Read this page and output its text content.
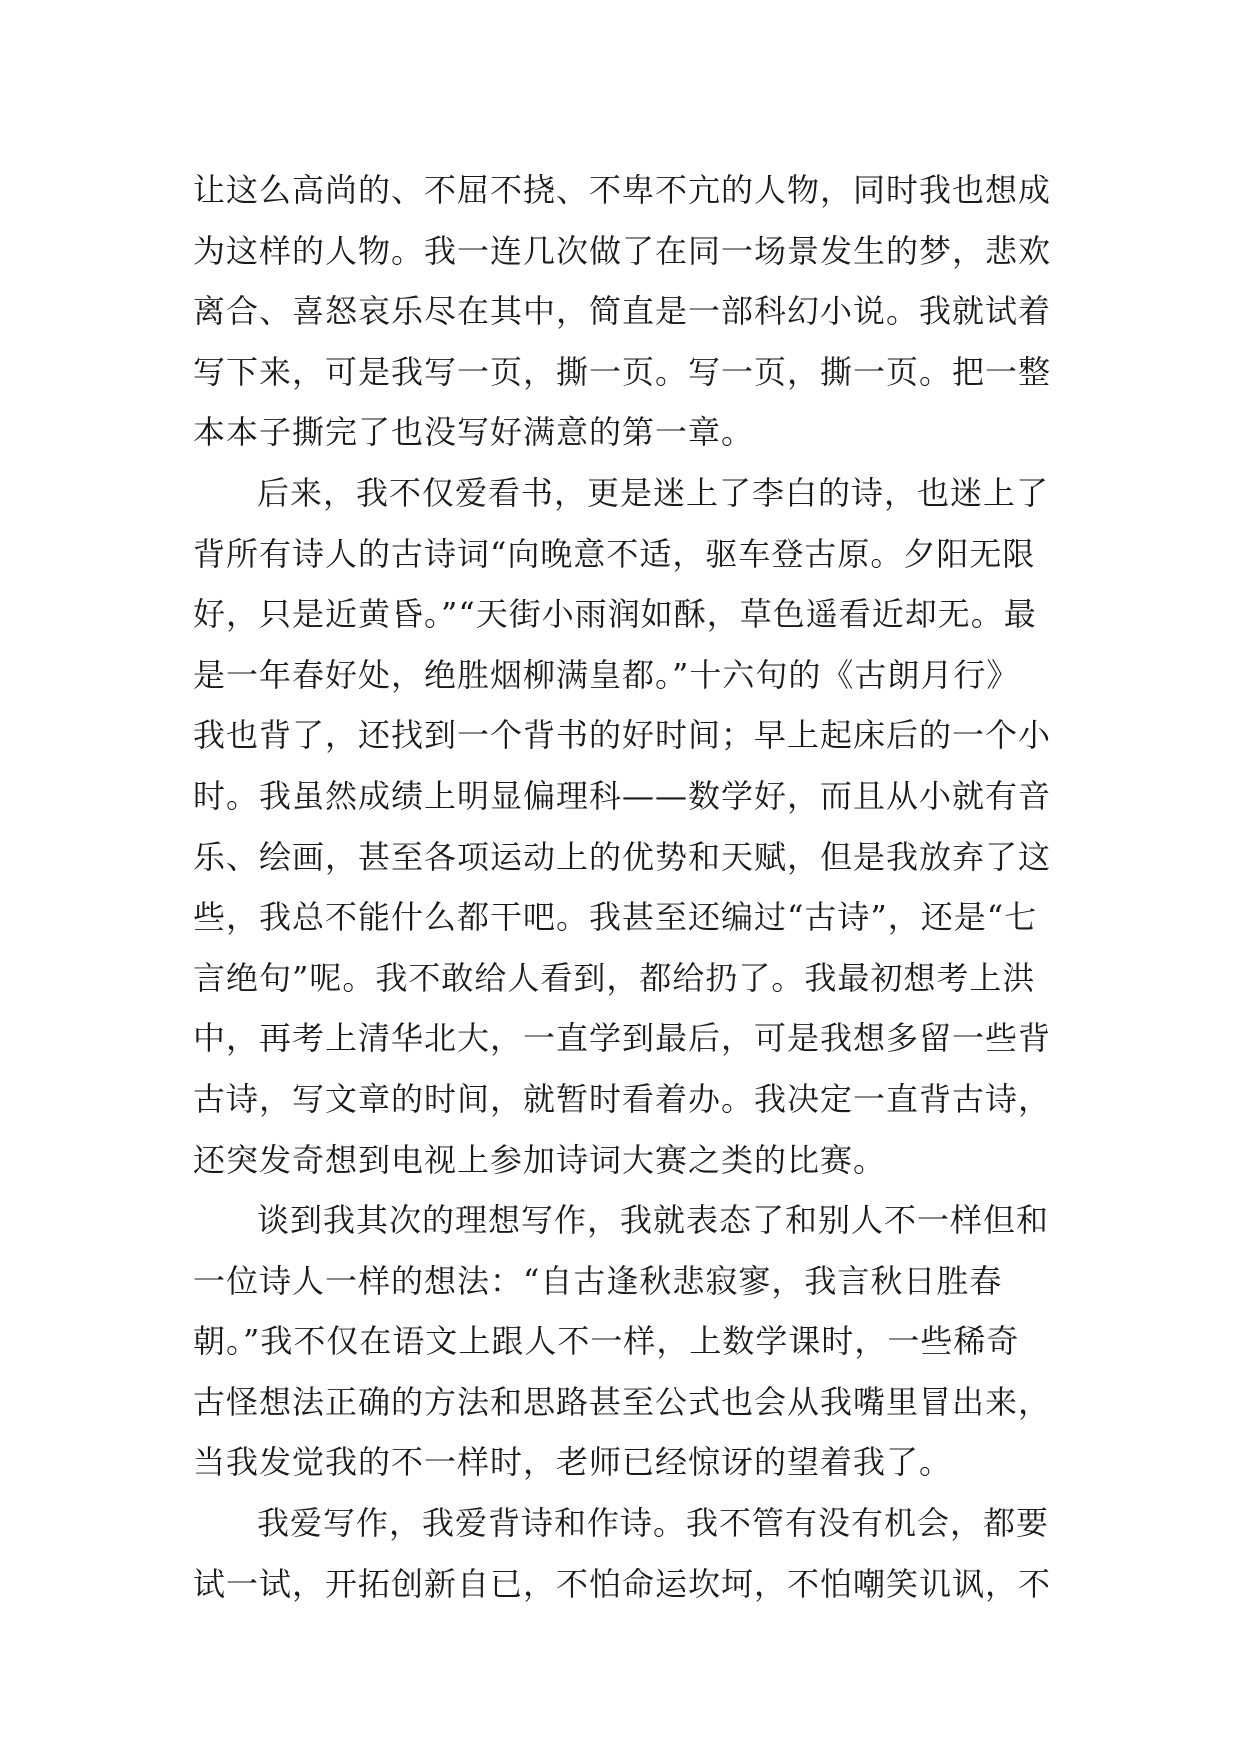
让这么高尚的、不屈不挠、不卑不亢的人物，同时我也想成
为这样的人物。我一连几次做了在同一场景发生的梦，悲欢
离合、喜怒哀乐尽在其中，简直是一部科幻小说。我就试着
写下来，可是我写一页，撕一页。写一页，撕一页。把一整
本本子撕完了也没写好满意的第一章。
后来，我不仅爱看书，更是迷上了李白的诗，也迷上了
背所有诗人的古诗词“向晚意不适，驱车登古原。夕阳无限
好，只是近黄昏。”“天街小雨润如酥，草色遥看近却无。最
是一年春好处，绝胜烟柳满皇都。”十六句的《古朗月行》
我也背了，还找到一个背书的好时间；早上起床后的一个小
时。我虽然成绩上明显偏理科——数学好，而且从小就有音
乐、绘画，甚至各项运动上的优势和天赋，但是我放弃了这
些，我总不能什么都干吧。我甚至还编过“古诗”，还是“七
言绝句”呢。我不敢给人看到，都给扔了。我最初想考上洪
中，再考上清华北大，一直学到最后，可是我想多留一些背
古诗，写文章的时间，就暂时看着办。我决定一直背古诗，
还突发奇想到电视上参加诗词大赛之类的比赛。
谈到我其次的理想写作，我就表态了和别人不一样但和
一位诗人一样的想法：“自古逢秋悲寂寥，我言秋日胜春
朝。”我不仅在语文上跟人不一样，上数学课时，一些稀奇
古怪想法正确的方法和思路甚至公式也会从我嘴里冒出来，
当我发觉我的不一样时，老师已经惊讶的望着我了。
我爱写作，我爱背诗和作诗。我不管有没有机会，都要
试一试，开拓创新自已，不怕命运坎坷，不怕嘲笑讥讽，不
